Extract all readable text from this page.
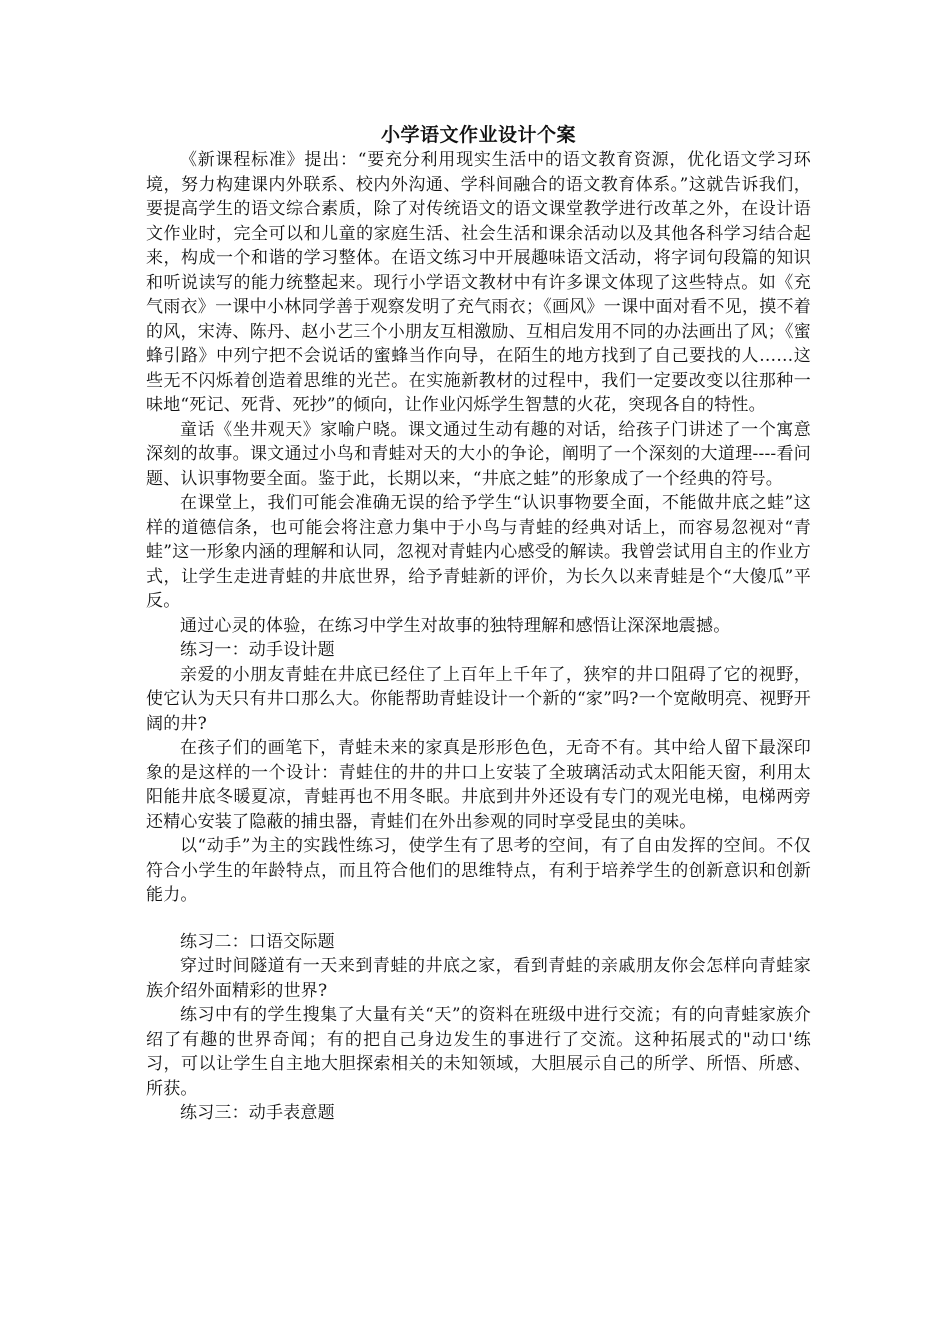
小学语文作业设计个案

《新课程标准》提出：“要充分利用现实生活中的语文教育资源，优化语文学习环境，努力构建课内外联系、校内外沟通、学科间融合的语文教育体系。”这就告诉我们，要提高学生的语文综合素质，除了对传统语文的语文课堂教学进行改革之外，在设计语文作业时，完全可以和儿童的家庭生活、社会生活和课余活动以及其他各科学习结合起来，构成一个和谐的学习整体。在语文练习中开展趣味语文活动，将字词句段篇的知识和听说读写的能力统整起来。现行小学语文教材中有许多课文体现了这些特点。如《充气雨衣》一课中小林同学善于观察发明了充气雨衣；《画风》一课中面对看不见，摸不着的风，宋涛、陈丹、赵小艺三个小朋友互相激励、互相启发用不同的办法画出了风；《蜜蜂引路》中列宁把不会说话的蜜蜂当作向导，在陌生的地方找到了自己要找的人……这些无不闪烁着创造着思维的光芒。在实施新教材的过程中，我们一定要改变以往那种一味地“死记、死背、死抄”的倾向，让作业闪烁学生智慧的火花，突现各自的特性。

童话《坐井观天》家喻户晓。课文通过生动有趣的对话，给孩子门讲述了一个寓意深刻的故事。课文通过小鸟和青蛙对天的大小的争论，阐明了一个深刻的大道理----看问题、认识事物要全面。鉴于此，长期以来，“井底之蛙”的形象成了一个经典的符号。

在课堂上，我们可能会准确无误的给予学生“认识事物要全面，不能做井底之蛙”这样的道德信条，也可能会将注意力集中于小鸟与青蛙的经典对话上，而容易忽视对“青蛙”这一形象内涵的理解和认同，忽视对青蛙内心感受的解读。我曾尝试用自主的作业方式，让学生走进青蛙的井底世界，给予青蛙新的评价，为长久以来青蛙是个“大傻瓜”平反。

通过心灵的体验，在练习中学生对故事的独特理解和感悟让深深地震撼。

练习一：动手设计题

亲爱的小朋友青蛙在井底已经住了上百年上千年了，狭窄的井口阻碍了它的视野，使它认为天只有井口那么大。你能帮助青蛙设计一个新的“家”吗?一个宽敞明亮、视野开阔的井?

在孩子们的画笔下，青蛙未来的家真是形形色色，无奇不有。其中给人留下最深印象的是这样的一个设计：青蛙住的井的井口上安装了全玻璃活动式太阳能天窗，利用太阳能井底冬暖夏凉，青蛙再也不用冬眠。井底到井外还设有专门的观光电梯，电梯两旁还精心安装了隐蔽的捕虫器，青蛙们在外出参观的同时享受昆虫的美味。

以“动手”为主的实践性练习，使学生有了思考的空间，有了自由发挥的空间。不仅符合小学生的年龄特点，而且符合他们的思维特点，有利于培养学生的创新意识和创新能力。

练习二：口语交际题

穿过时间隧道有一天来到青蛙的井底之家，看到青蛙的亲戚朋友你会怎样向青蛙家族介绍外面精彩的世界?

练习中有的学生搜集了大量有关“天”的资料在班级中进行交流；有的向青蛙家族介绍了有趣的世界奇闻；有的把自己身边发生的事进行了交流。这种拓展式的"动口'练习，可以让学生自主地大胆探索相关的未知领域，大胆展示自己的所学、所悟、所感、所获。

练习三：动手表意题
